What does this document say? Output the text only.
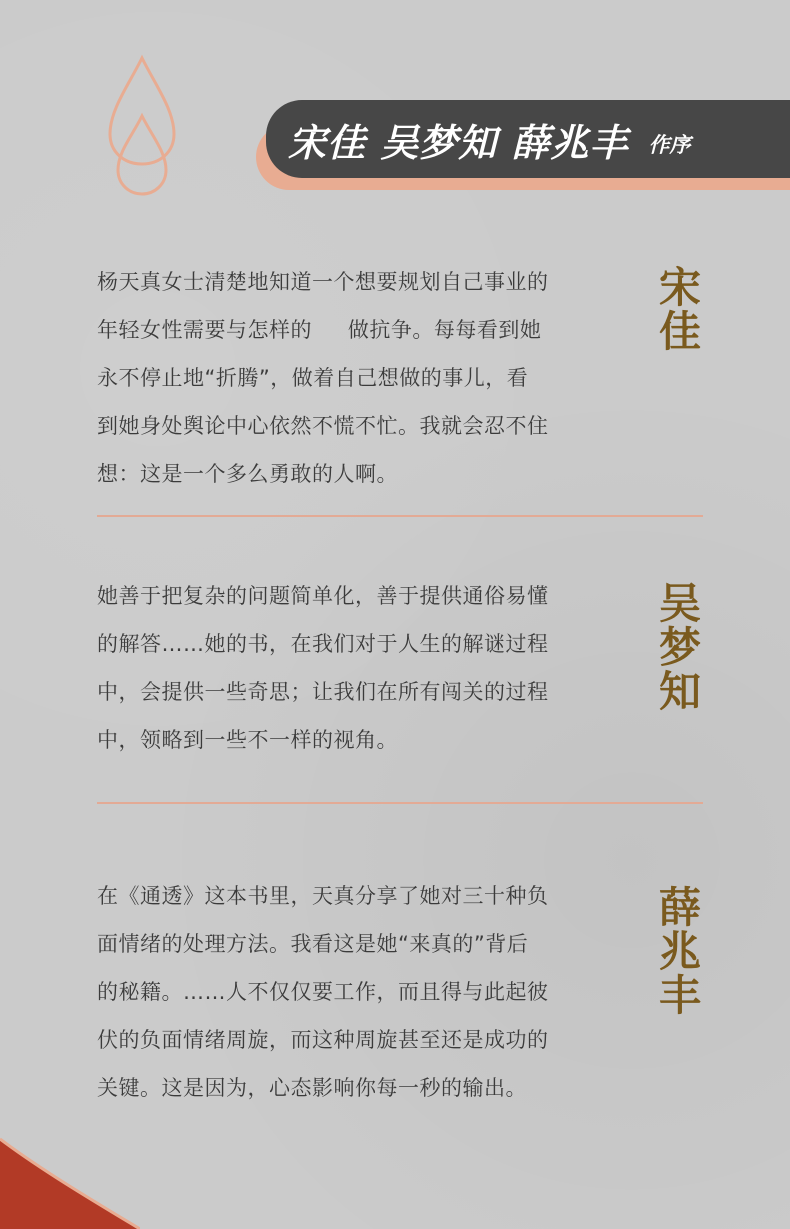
宋佳 吴梦知 薛兆丰 作序
杨天真女士清楚地知道一个想要规划自己事业的
年轻女性需要与怎样的     做抗争。每每看到她
永不停止地“折腾”，做着自己想做的事儿，看
到她身处舆论中心依然不慌不忙。我就会忍不住
想：这是一个多么勇敢的人啊。
宋
佳
她善于把复杂的问题简单化，善于提供通俗易懂
的解答……她的书，在我们对于人生的解谜过程
中，会提供一些奇思；让我们在所有闯关的过程
中，领略到一些不一样的视角。
吴
梦
知
在《通透》这本书里，天真分享了她对三十种负
面情绪的处理方法。我看这是她“来真的”背后
的秘籍。……人不仅仅要工作，而且得与此起彼
伏的负面情绪周旋，而这种周旋甚至还是成功的
关键。这是因为，心态影响你每一秒的输出。
薛
兆
丰
